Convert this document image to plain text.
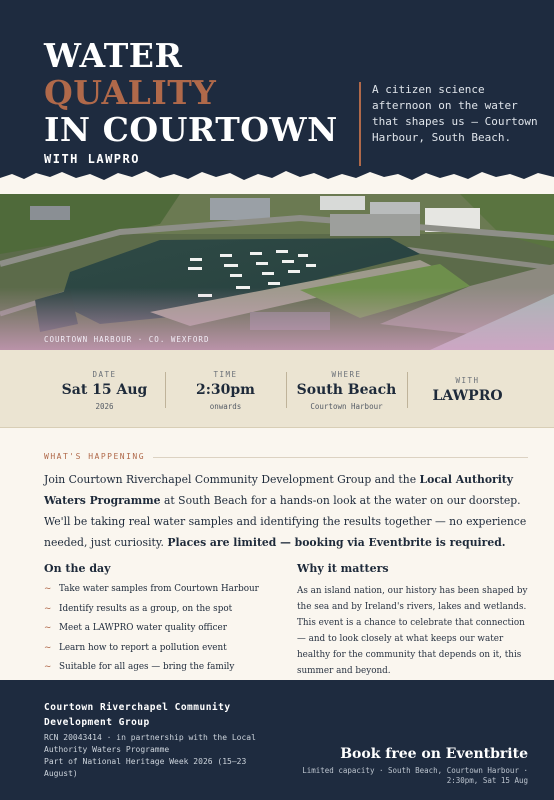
WATER
QUALITY
IN COURTOWN
WITH LAWPRO

A citizen science afternoon on the water that shapes us — Courtown Harbour, South Beach.

COURTOWN HARBOUR · CO. WEXFORD
DATE
Sat 15 Aug
2026
TIME
2:30pm
onwards
WHERE
South Beach
Courtown Harbour
WITH
LAWPRO
WHAT'S HAPPENING

Join Courtown Riverchapel Community Development Group and the Local Authority Waters Programme at South Beach for a hands-on look at the water on our doorstep. We'll be taking real water samples and identifying the results together — no experience needed, just curiosity. Places are limited — booking via Eventbrite is required.

On the day
~ Take water samples from Courtown Harbour
~ Identify results as a group, on the spot
~ Meet a LAWPRO water quality officer
~ Learn how to report a pollution event
~ Suitable for all ages — bring the family
Why it matters

As an island nation, our history has been shaped by the sea and by Ireland's rivers, lakes and wetlands. This event is a chance to celebrate that connection — and to look closely at what keeps our water healthy for the community that depends on it, this summer and beyond.

Courtown Riverchapel Community Development Group
RCN 20043414 · in partnership with the Local Authority Waters Programme
Part of National Heritage Week 2026 (15–23 August)
Book free on Eventbrite
Limited capacity · South Beach, Courtown Harbour · 2:30pm, Sat 15 Aug
